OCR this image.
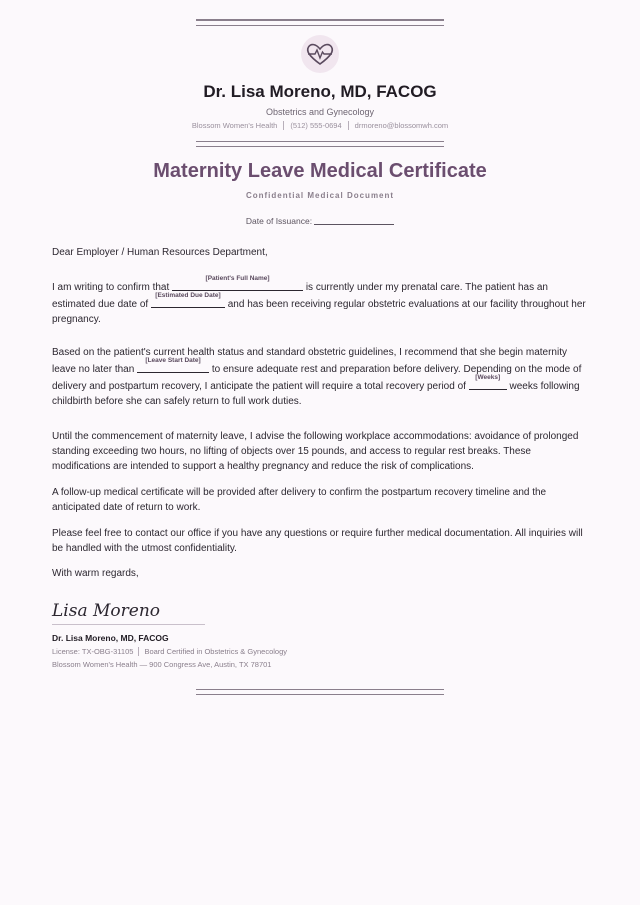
Dr. Lisa Moreno, MD, FACOG
Obstetrics and Gynecology
Blossom Women's Health (512) 555-0694 drmoreno@blossomwh.com
Maternity Leave Medical Certificate
Confidential Medical Document
Date of Issuance:

Dear Employer / Human Resources Department,

I am writing to confirm that
[Patient's Full Name]
is currently under my prenatal care. The patient has an estimated due date of
[Estimated Due Date]
and has been receiving regular obstetric evaluations at our facility throughout her pregnancy.

Based on the patient's current health status and standard obstetric guidelines, I recommend that she begin maternity leave no later than
[Leave Start Date]
to ensure adequate rest and preparation before delivery. Depending on the mode of delivery and postpartum recovery, I anticipate the patient will require a total recovery period of
[Weeks]
weeks following childbirth before she can safely return to full work duties.

Until the commencement of maternity leave, I advise the following workplace accommodations: avoidance of prolonged standing exceeding two hours, no lifting of objects over 15 pounds, and access to regular rest breaks. These modifications are intended to support a healthy pregnancy and reduce the risk of complications.

A follow-up medical certificate will be provided after delivery to confirm the postpartum recovery timeline and the anticipated date of return to work.

Please feel free to contact our office if you have any questions or require further medical documentation. All inquiries will be handled with the utmost confidentiality.

With warm regards,

Lisa Moreno
Dr. Lisa Moreno, MD, FACOG
License: TX-OBG-31105 Board Certified in Obstetrics & Gynecology
Blossom Women's Health — 900 Congress Ave, Austin, TX 78701
